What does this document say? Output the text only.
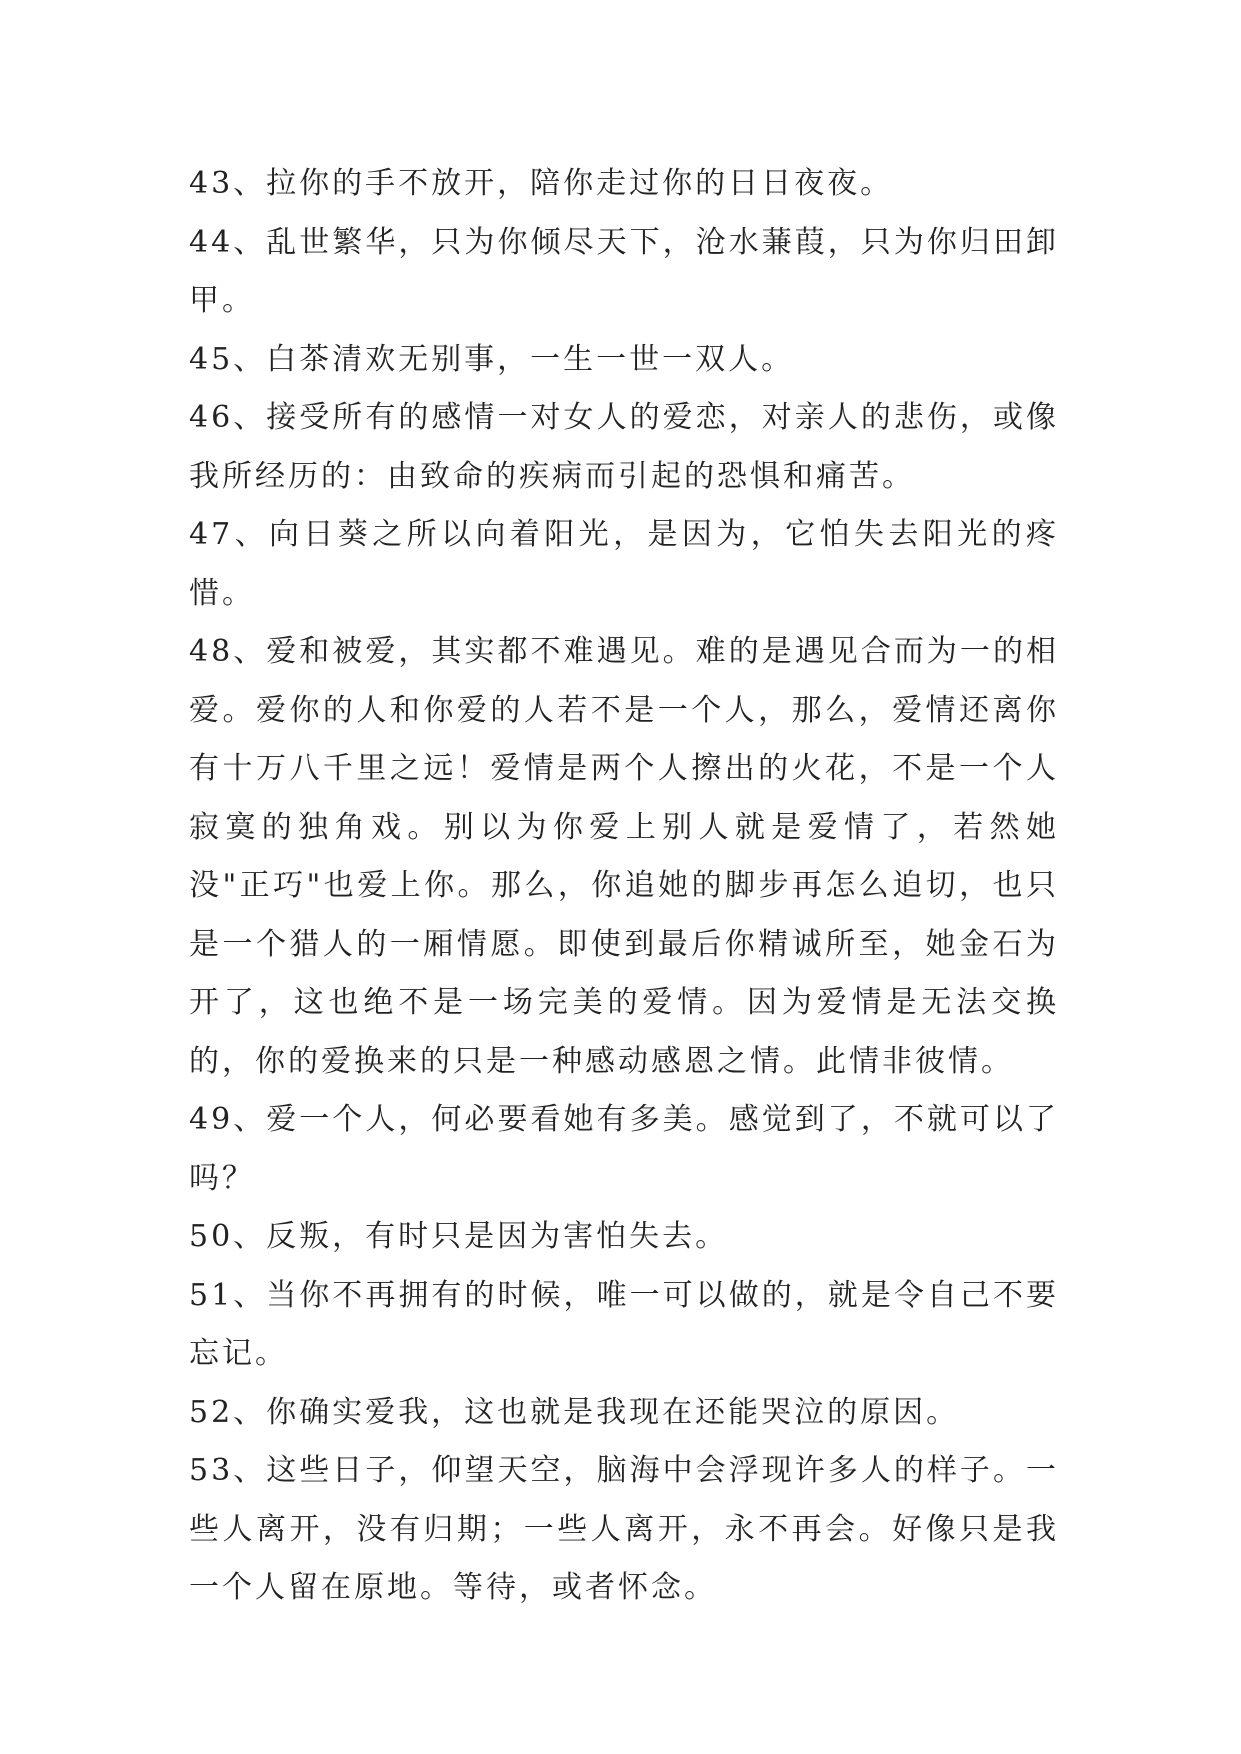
43、拉你的手不放开，陪你走过你的日日夜夜。

44、乱世繁华，只为你倾尽天下，沧水蒹葭，只为你归田卸甲。

45、白茶清欢无别事，一生一世一双人。

46、接受所有的感情一对女人的爱恋，对亲人的悲伤，或像我所经历的：由致命的疾病而引起的恐惧和痛苦。

47、向日葵之所以向着阳光，是因为，它怕失去阳光的疼惜。

48、爱和被爱，其实都不难遇见。难的是遇见合而为一的相爱。爱你的人和你爱的人若不是一个人，那么，爱情还离你有十万八千里之远！爱情是两个人擦出的火花，不是一个人寂寞的独角戏。别以为你爱上别人就是爱情了，若然她没"正巧"也爱上你。那么，你追她的脚步再怎么迫切，也只是一个猎人的一厢情愿。即使到最后你精诚所至，她金石为开了，这也绝不是一场完美的爱情。因为爱情是无法交换的，你的爱换来的只是一种感动感恩之情。此情非彼情。

49、爱一个人，何必要看她有多美。感觉到了，不就可以了吗？

50、反叛，有时只是因为害怕失去。

51、当你不再拥有的时候，唯一可以做的，就是令自己不要忘记。

52、你确实爱我，这也就是我现在还能哭泣的原因。

53、这些日子，仰望天空，脑海中会浮现许多人的样子。一些人离开，没有归期；一些人离开，永不再会。好像只是我一个人留在原地。等待，或者怀念。
